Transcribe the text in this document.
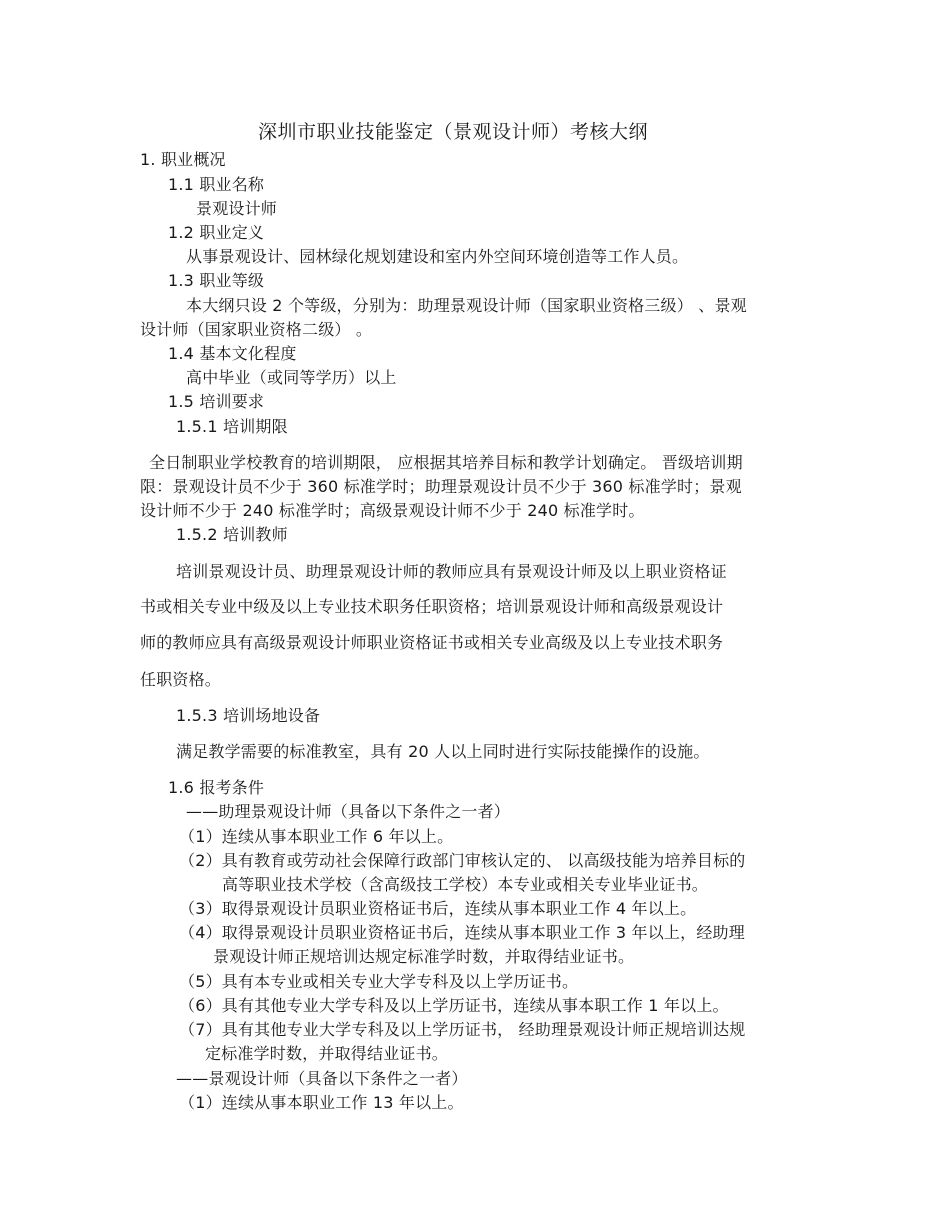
深圳市职业技能鉴定（景观设计师）考核大纲
1. 职业概况
1.1 职业名称
景观设计师
1.2 职业定义
从事景观设计、园林绿化规划建设和室内外空间环境创造等工作人员。
1.3 职业等级
本大纲只设 2 个等级，分别为：助理景观设计师（国家职业资格三级） 、景观
设计师（国家职业资格二级） 。
1.4 基本文化程度
高中毕业（或同等学历）以上
1.5 培训要求
1.5.1 培训期限
全日制职业学校教育的培训期限， 应根据其培养目标和教学计划确定。 晋级培训期
限：景观设计员不少于 360 标准学时；助理景观设计员不少于 360 标准学时；景观
设计师不少于 240 标准学时；高级景观设计师不少于 240 标准学时。
1.5.2 培训教师
培训景观设计员、助理景观设计师的教师应具有景观设计师及以上职业资格证
书或相关专业中级及以上专业技术职务任职资格；培训景观设计师和高级景观设计
师的教师应具有高级景观设计师职业资格证书或相关专业高级及以上专业技术职务
任职资格。
1.5.3 培训场地设备
满足教学需要的标准教室，具有 20 人以上同时进行实际技能操作的设施。
1.6 报考条件
——助理景观设计师（具备以下条件之一者）
（1）连续从事本职业工作 6 年以上。
（2）具有教育或劳动社会保障行政部门审核认定的、 以高级技能为培养目标的
高等职业技术学校（含高级技工学校）本专业或相关专业毕业证书。
（3）取得景观设计员职业资格证书后，连续从事本职业工作 4 年以上。
（4）取得景观设计员职业资格证书后，连续从事本职业工作 3 年以上，经助理
景观设计师正规培训达规定标准学时数，并取得结业证书。
（5）具有本专业或相关专业大学专科及以上学历证书。
（6）具有其他专业大学专科及以上学历证书，连续从事本职工作 1 年以上。
（7）具有其他专业大学专科及以上学历证书， 经助理景观设计师正规培训达规
定标准学时数，并取得结业证书。
——景观设计师（具备以下条件之一者）
（1）连续从事本职业工作 13 年以上。
